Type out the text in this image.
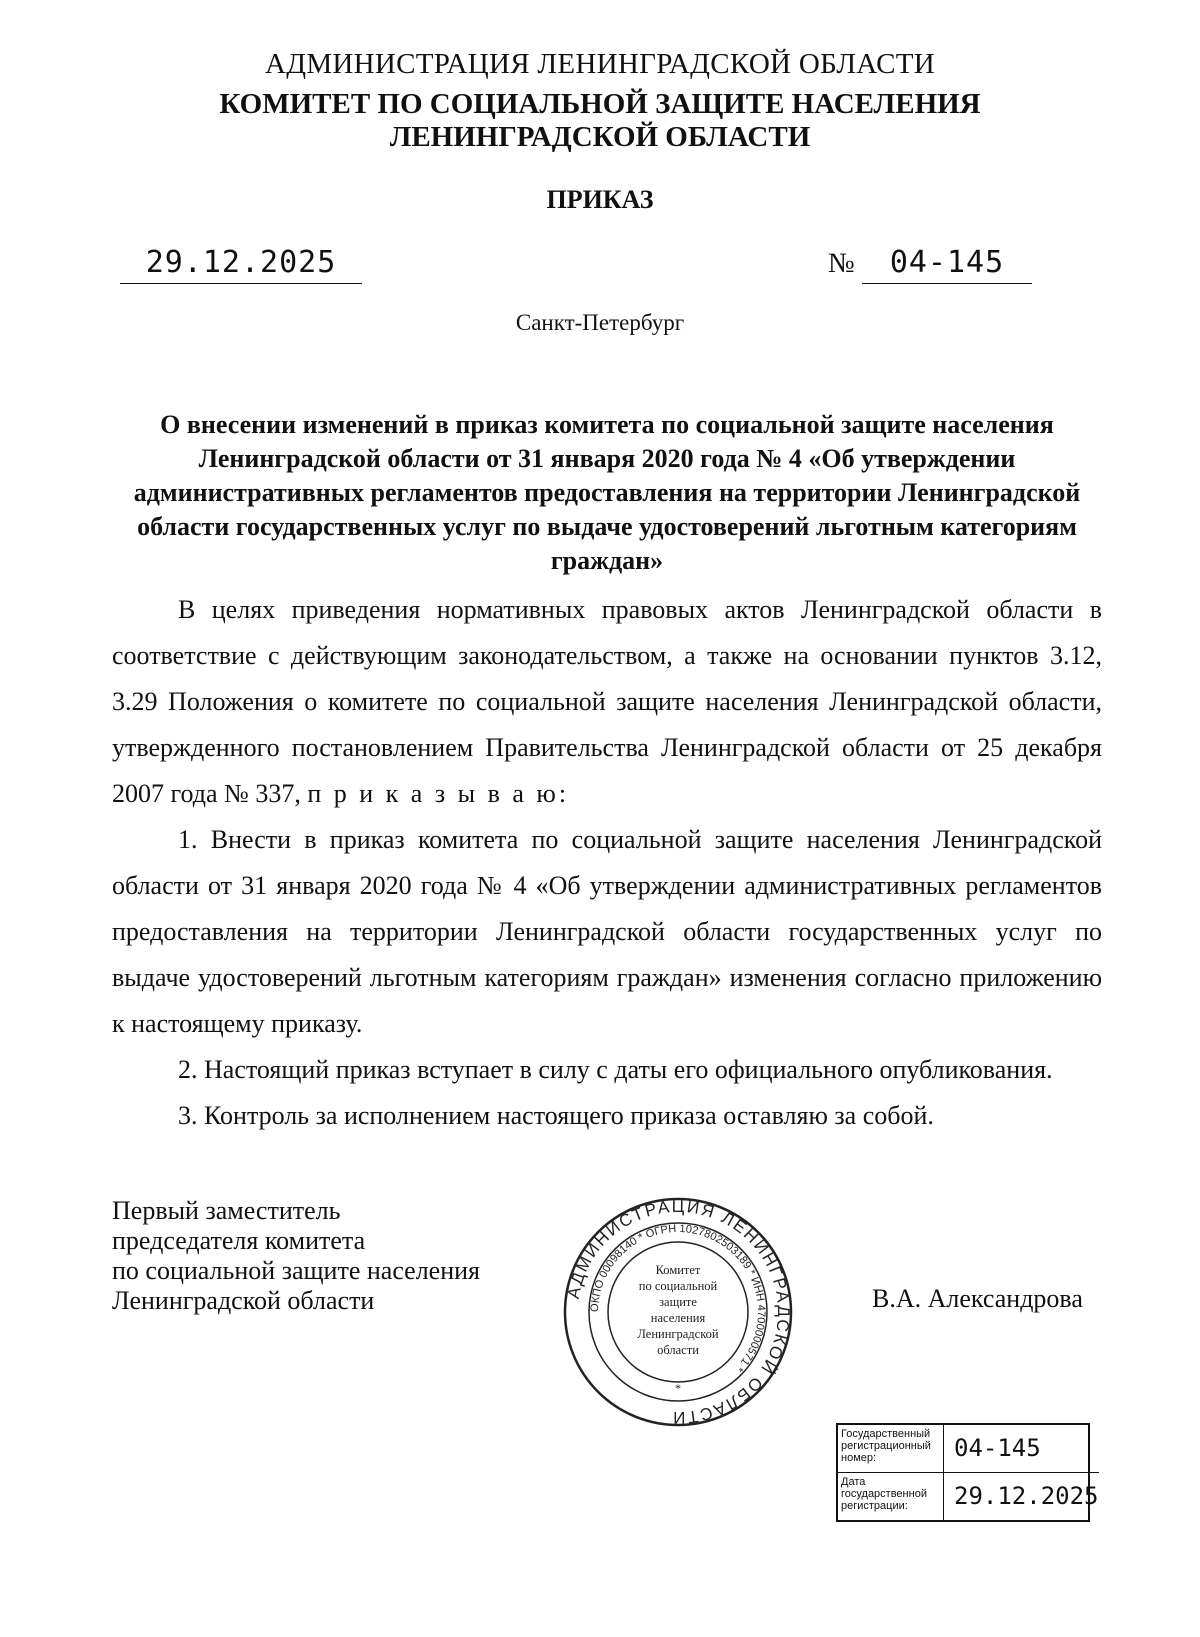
АДМИНИСТРАЦИЯ ЛЕНИНГРАДСКОЙ ОБЛАСТИ
КОМИТЕТ ПО СОЦИАЛЬНОЙ ЗАЩИТЕ НАСЕЛЕНИЯ
ЛЕНИНГРАДСКОЙ ОБЛАСТИ
ПРИКАЗ
29.12.2025	№	04-145
Санкт-Петербург
О внесении изменений в приказ комитета по социальной защите населения Ленинградской области от 31 января 2020 года № 4 «Об утверждении административных регламентов предоставления на территории Ленинградской области государственных услуг по выдаче удостоверений льготным категориям граждан»

В целях приведения нормативных правовых актов Ленинградской области в соответствие с действующим законодательством, а также на основании пунктов 3.12, 3.29 Положения о комитете по социальной защите населения Ленинградской области, утвержденного постановлением Правительства Ленинградской области от 25 декабря 2007 года № 337, п р и к а з ы в а ю:

1. Внести в приказ комитета по социальной защите населения Ленинградской области от 31 января 2020 года № 4 «Об утверждении административных регламентов предоставления на территории Ленинградской области государственных услуг по выдаче удостоверений льготным категориям граждан» изменения согласно приложению к настоящему приказу.

2. Настоящий приказ вступает в силу с даты его официального опубликования.

3. Контроль за исполнением настоящего приказа оставляю за собой.

Первый заместитель
председателя комитета
по социальной защите населения
Ленинградской области	АДМИНИСТРАЦИЯ ЛЕНИНГРАДСКОЙ ОБЛАСТИ
ОКПО 00098140 * ОГРН 1027802503189 * ИНН 4700000571 *
Комитет
по социальной
защите
населения
Ленинградской
области
*
В.А. Александрова
Государственный регистрационный номер:	04-145
Дата государственной регистрации:	29.12.2025
